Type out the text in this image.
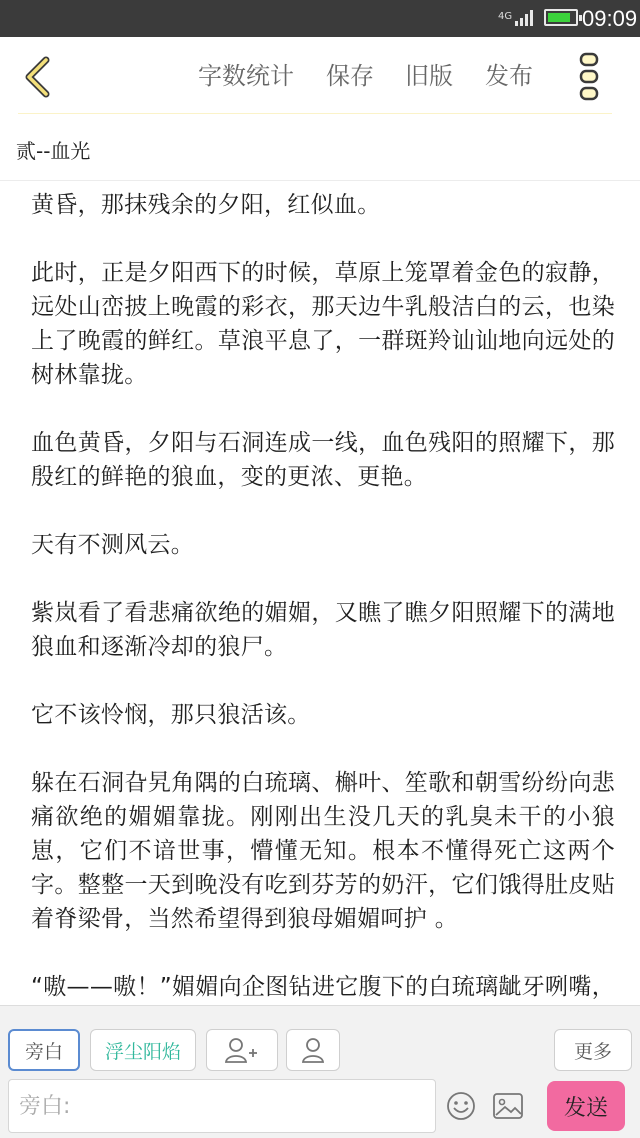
4G	09:09
字数统计 保存 旧版 发布
贰--血光

黄昏，那抹残余的夕阳，红似血。

此时，正是夕阳西下的时候，草原上笼罩着金色的寂静，远处山峦披上晚霞的彩衣，那天边牛乳般洁白的云，也染上了晚霞的鲜红。草浪平息了，一群斑羚讪讪地向远处的树林靠拢。

血色黄昏，夕阳与石洞连成一线，血色残阳的照耀下，那殷红的鲜艳的狼血，变的更浓、更艳。

天有不测风云。

紫岚看了看悲痛欲绝的媚媚，又瞧了瞧夕阳照耀下的满地狼血和逐渐冷却的狼尸。

它不该怜悯，那只狼活该。

躲在石洞旮旯角隅的白琉璃、槲叶、笙歌和朝雪纷纷向悲痛欲绝的媚媚靠拢。刚刚出生没几天的乳臭未干的小狼崽，它们不谙世事，懵懂无知。根本不懂得死亡这两个字。整整一天到晚没有吃到芬芳的奶汗，它们饿得肚皮贴着脊梁骨，当然希望得到狼母媚媚呵护 。

“嗷——嗷！”媚媚向企图钻进它腹下的白琉璃龇牙咧嘴，

旁白	浮尘阳焰	更多
旁白:
发送
